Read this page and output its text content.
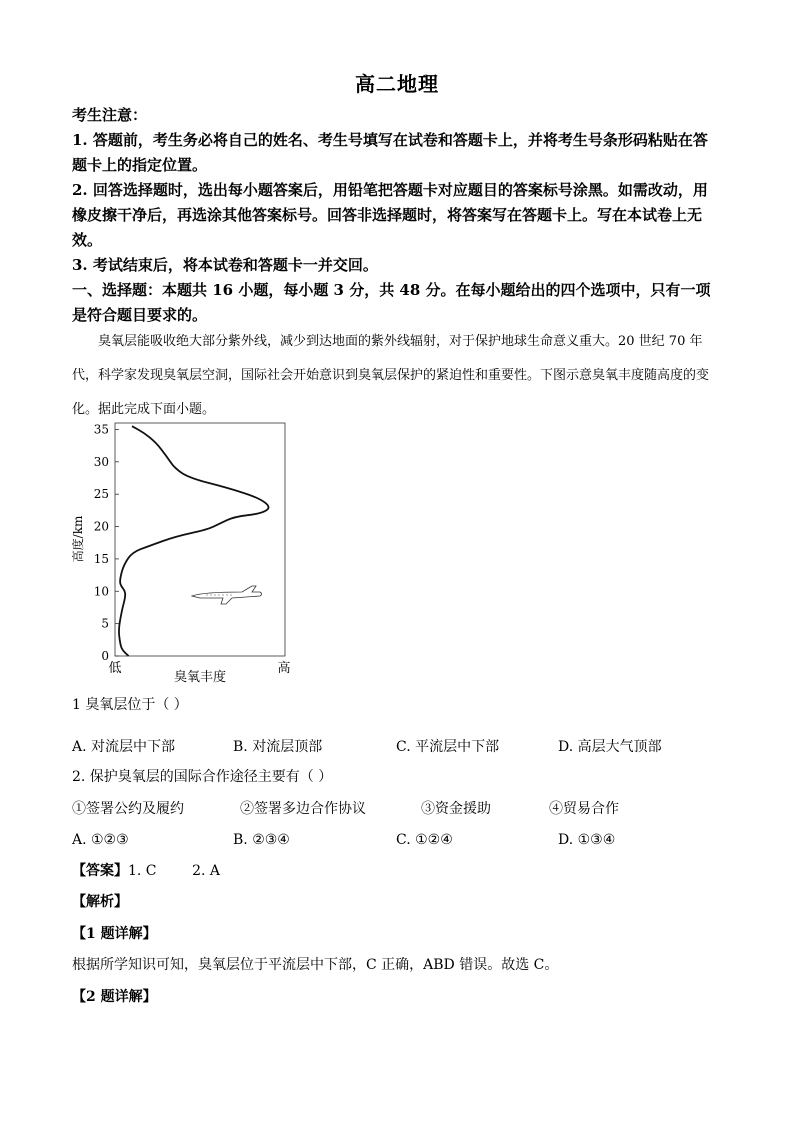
高二地理

考生注意：

1. 答题前，考生务必将自己的姓名、考生号填写在试卷和答题卡上，并将考生号条形码粘贴在答题卡上的指定位置。

2. 回答选择题时，选出每小题答案后，用铅笔把答题卡对应题目的答案标号涂黑。如需改动，用橡皮擦干净后，再选涂其他答案标号。回答非选择题时，将答案写在答题卡上。写在本试卷上无效。

3. 考试结束后，将本试卷和答题卡一并交回。

一、选择题：本题共 16 小题，每小题 3 分，共 48 分。在每小题给出的四个选项中，只有一项是符合题目要求的。

臭氧层能吸收绝大部分紫外线，减少到达地面的紫外线辐射，对于保护地球生命意义重大。20 世纪 70 年代，科学家发现臭氧层空洞，国际社会开始意识到臭氧层保护的紧迫性和重要性。下图示意臭氧丰度随高度的变化。据此完成下面小题。

0
5
10
15
20
25
30
35
高度/km
低	高
臭氧丰度
1 臭氧层位于（ ）
A. 对流层中下部	B. 对流层顶部	C. 平流层中下部	D. 高层大气顶部
2. 保护臭氧层的国际合作途径主要有（ ）
①签署公约及履约	②签署多边合作协议	③资金援助	④贸易合作
A. ①②③	B. ②③④	C. ①②④	D. ①③④
【答案】1. C        2. A
【解析】
【1 题详解】
根据所学知识可知，臭氧层位于平流层中下部，C 正确，ABD 错误。故选 C。
【2 题详解】
